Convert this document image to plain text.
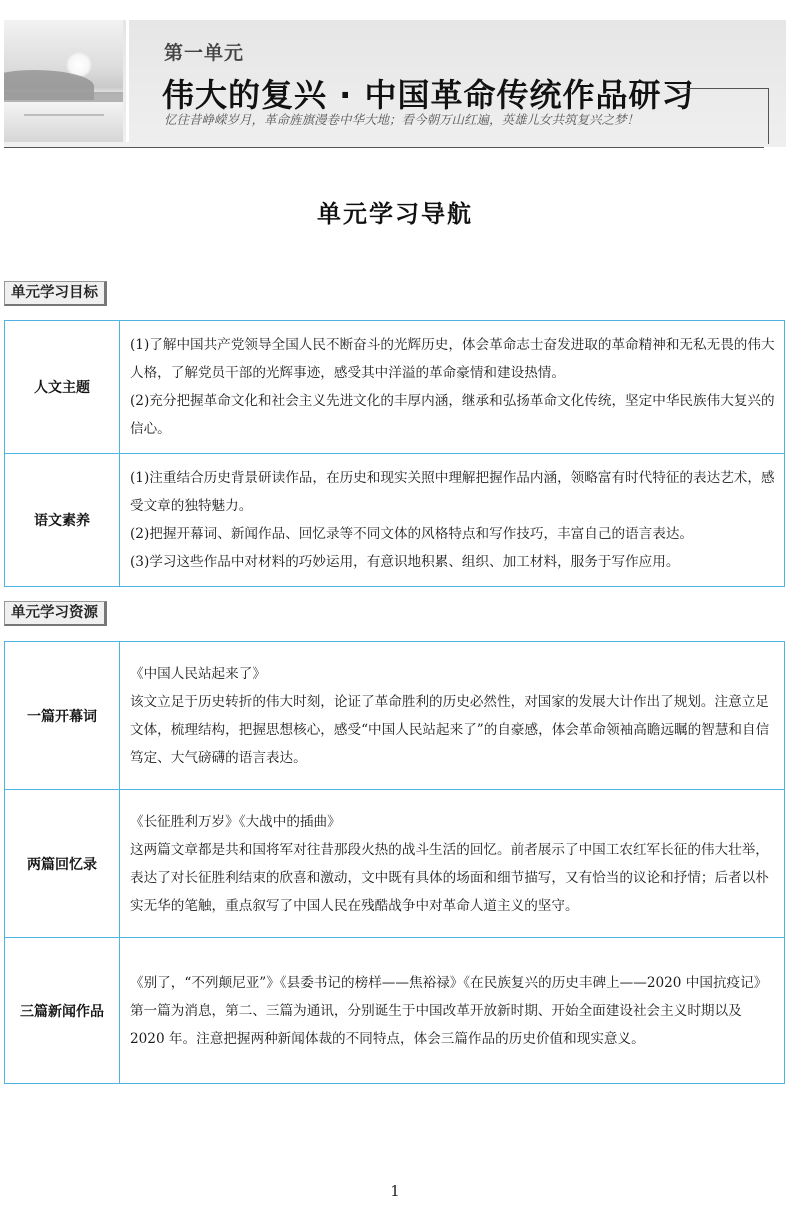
第一单元
伟大的复兴 · 中国革命传统作品研习
忆往昔峥嵘岁月，革命旌旗漫卷中华大地；看今朝万山红遍，英雄儿女共筑复兴之梦！
单元学习导航
单元学习目标
人文主题	(1)了解中国共产党领导全国人民不断奋斗的光辉历史，体会革命志士奋发进取的革命精神和无私无畏的伟大人格，了解党员干部的光辉事迹，感受其中洋溢的革命豪情和建设热情。

(2)充分把握革命文化和社会主义先进文化的丰厚内涵，继承和弘扬革命文化传统，坚定中华民族伟大复兴的信心。

语文素养	(1)注重结合历史背景研读作品，在历史和现实关照中理解把握作品内涵，领略富有时代特征的表达艺术，感受文章的独特魅力。

(2)把握开幕词、新闻作品、回忆录等不同文体的风格特点和写作技巧，丰富自己的语言表达。

(3)学习这些作品中对材料的巧妙运用，有意识地积累、组织、加工材料，服务于写作应用。

单元学习资源
一篇开幕词	《中国人民站起来了》

该文立足于历史转折的伟大时刻，论证了革命胜利的历史必然性，对国家的发展大计作出了规划。注意立足文体，梳理结构，把握思想核心，感受“中国人民站起来了”的自豪感，体会革命领袖高瞻远瞩的智慧和自信笃定、大气磅礴的语言表达。

两篇回忆录	《长征胜利万岁》《大战中的插曲》

这两篇文章都是共和国将军对往昔那段火热的战斗生活的回忆。前者展示了中国工农红军长征的伟大壮举，表达了对长征胜利结束的欣喜和激动，文中既有具体的场面和细节描写，又有恰当的议论和抒情；后者以朴实无华的笔触，重点叙写了中国人民在残酷战争中对革命人道主义的坚守。

三篇新闻作品	《别了，“不列颠尼亚”》《县委书记的榜样——焦裕禄》《在民族复兴的历史丰碑上——2020 中国抗疫记》

第一篇为消息，第二、三篇为通讯，分别诞生于中国改革开放新时期、开始全面建设社会主义时期以及 2020 年。注意把握两种新闻体裁的不同特点，体会三篇作品的历史价值和现实意义。

1
